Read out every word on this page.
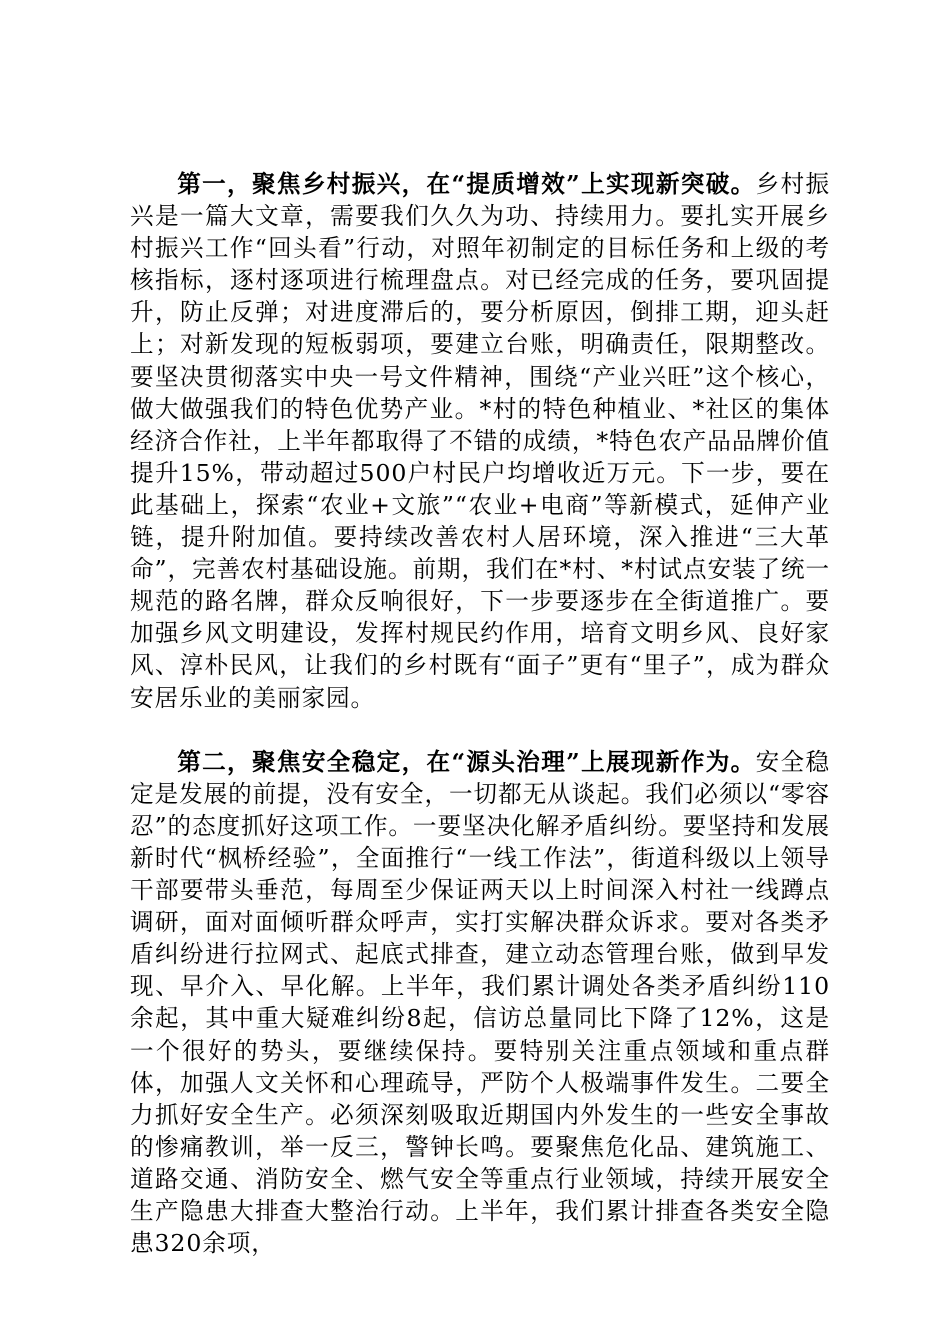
第一，聚焦乡村振兴，在“提质增效”上实现新突破。乡村振兴是一篇大文章，需要我们久久为功、持续用力。要扎实开展乡村振兴工作“回头看”行动，对照年初制定的目标任务和上级的考核指标，逐村逐项进行梳理盘点。对已经完成的任务，要巩固提升，防止反弹；对进度滞后的，要分析原因，倒排工期，迎头赶上；对新发现的短板弱项，要建立台账，明确责任，限期整改。要坚决贯彻落实中央一号文件精神，围绕“产业兴旺”这个核心，做大做强我们的特色优势产业。*村的特色种植业、*社区的集体经济合作社，上半年都取得了不错的成绩，*特色农产品品牌价值提升15%，带动超过500户村民户均增收近万元。下一步，要在此基础上，探索“农业+文旅”“农业+电商”等新模式，延伸产业链，提升附加值。要持续改善农村人居环境，深入推进“三大革命”，完善农村基础设施。前期，我们在*村、*村试点安装了统一规范的路名牌，群众反响很好，下一步要逐步在全街道推广。要加强乡风文明建设，发挥村规民约作用，培育文明乡风、良好家风、淳朴民风，让我们的乡村既有“面子”更有“里子”，成为群众安居乐业的美丽家园。

第二，聚焦安全稳定，在“源头治理”上展现新作为。安全稳定是发展的前提，没有安全，一切都无从谈起。我们必须以“零容忍”的态度抓好这项工作。一要坚决化解矛盾纠纷。要坚持和发展新时代“枫桥经验”，全面推行“一线工作法”，街道科级以上领导干部要带头垂范，每周至少保证两天以上时间深入村社一线蹲点调研，面对面倾听群众呼声，实打实解决群众诉求。要对各类矛盾纠纷进行拉网式、起底式排查，建立动态管理台账，做到早发现、早介入、早化解。上半年，我们累计调处各类矛盾纠纷110余起，其中重大疑难纠纷8起，信访总量同比下降了12%，这是一个很好的势头，要继续保持。要特别关注重点领域和重点群体，加强人文关怀和心理疏导，严防个人极端事件发生。二要全力抓好安全生产。必须深刻吸取近期国内外发生的一些安全事故的惨痛教训，举一反三，警钟长鸣。要聚焦危化品、建筑施工、道路交通、消防安全、燃气安全等重点行业领域，持续开展安全生产隐患大排查大整治行动。上半年，我们累计排查各类安全隐患320余项，
